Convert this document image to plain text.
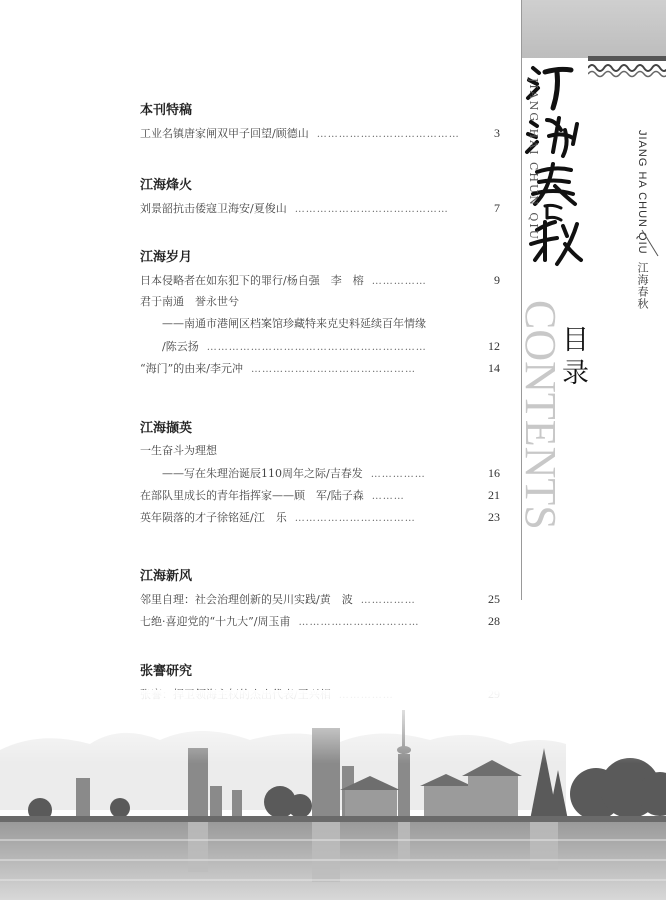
JIANG HAI CHUN QIU
CONTENTS
目录
JIANG HA CHUN QIU
江海春秋
本刊特稿
工业名镇唐家闸双甲子回望/顾德山 …………………………………	3
江海烽火
刘景韶抗击倭寇卫海安/夏俊山 ……………………………………	7
江海岁月
日本侵略者在如东犯下的罪行/杨自强　李　榕 ……………	9
君于南通　誉永世兮
——南通市港闸区档案馆珍藏特来克史料延续百年情缘
/陈云扬 ……………………………………………………	12
“海门”的由来/李元冲 ………………………………………	14
江海撷英
一生奋斗为理想
——写在朱理治诞辰110周年之际/吉春发 ……………	16
在部队里成长的青年指挥家——顾　军/陆子森 ………	21
英年陨落的才子徐铭延/江　乐 ……………………………	23
江海新风
邻里自理：社会治理创新的吴川实践/黄　波 ……………	25
七绝·喜迎党的“十九大”/周玉甫 ……………………………	28
张謇研究
